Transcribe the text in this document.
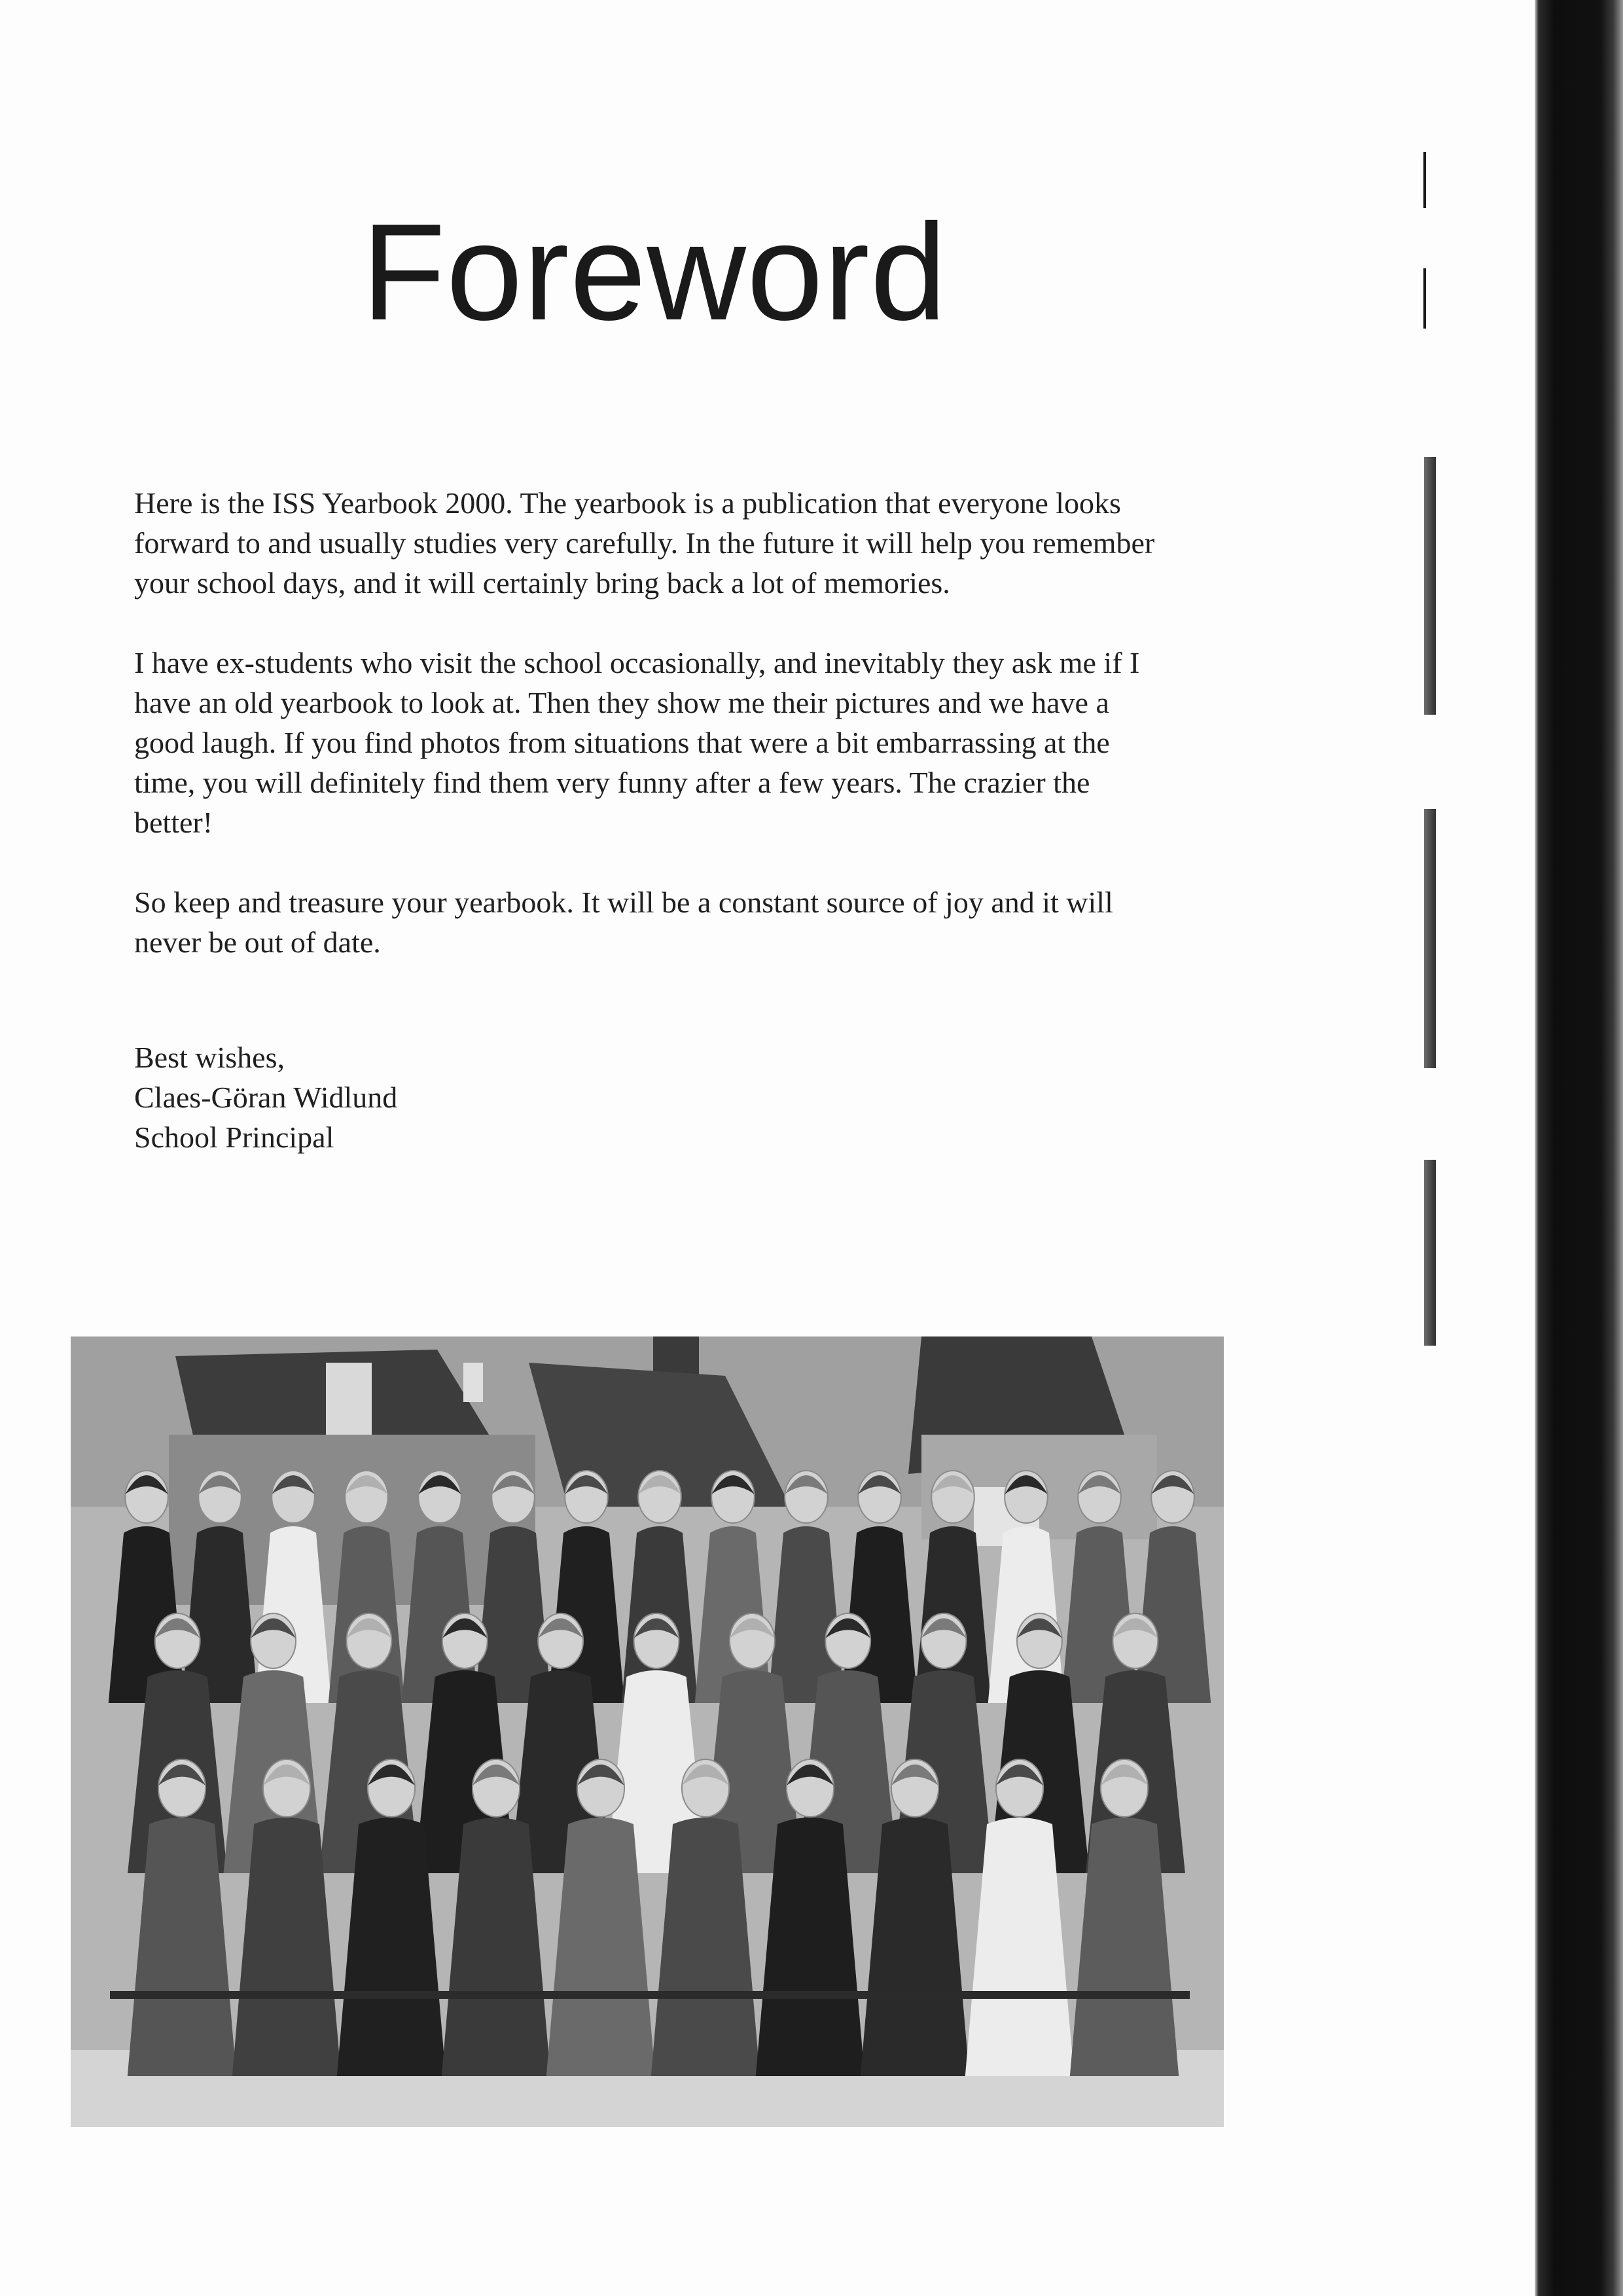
Foreword

Here is the ISS Yearbook 2000. The yearbook is a publication that everyone looks forward to and usually studies very carefully. In the future it will help you remember your school days, and it will certainly bring back a lot of memories.

I have ex-students who visit the school occasionally, and inevitably they ask me if I have an old yearbook to look at. Then they show me their pictures and we have a good laugh. If you find photos from situations that were a bit embarrassing at the time, you will definitely find them very funny after a few years. The crazier the better!

So keep and treasure your yearbook. It will be a constant source of joy and it will never be out of date.

Best wishes,
Claes-Göran Widlund
School Principal
